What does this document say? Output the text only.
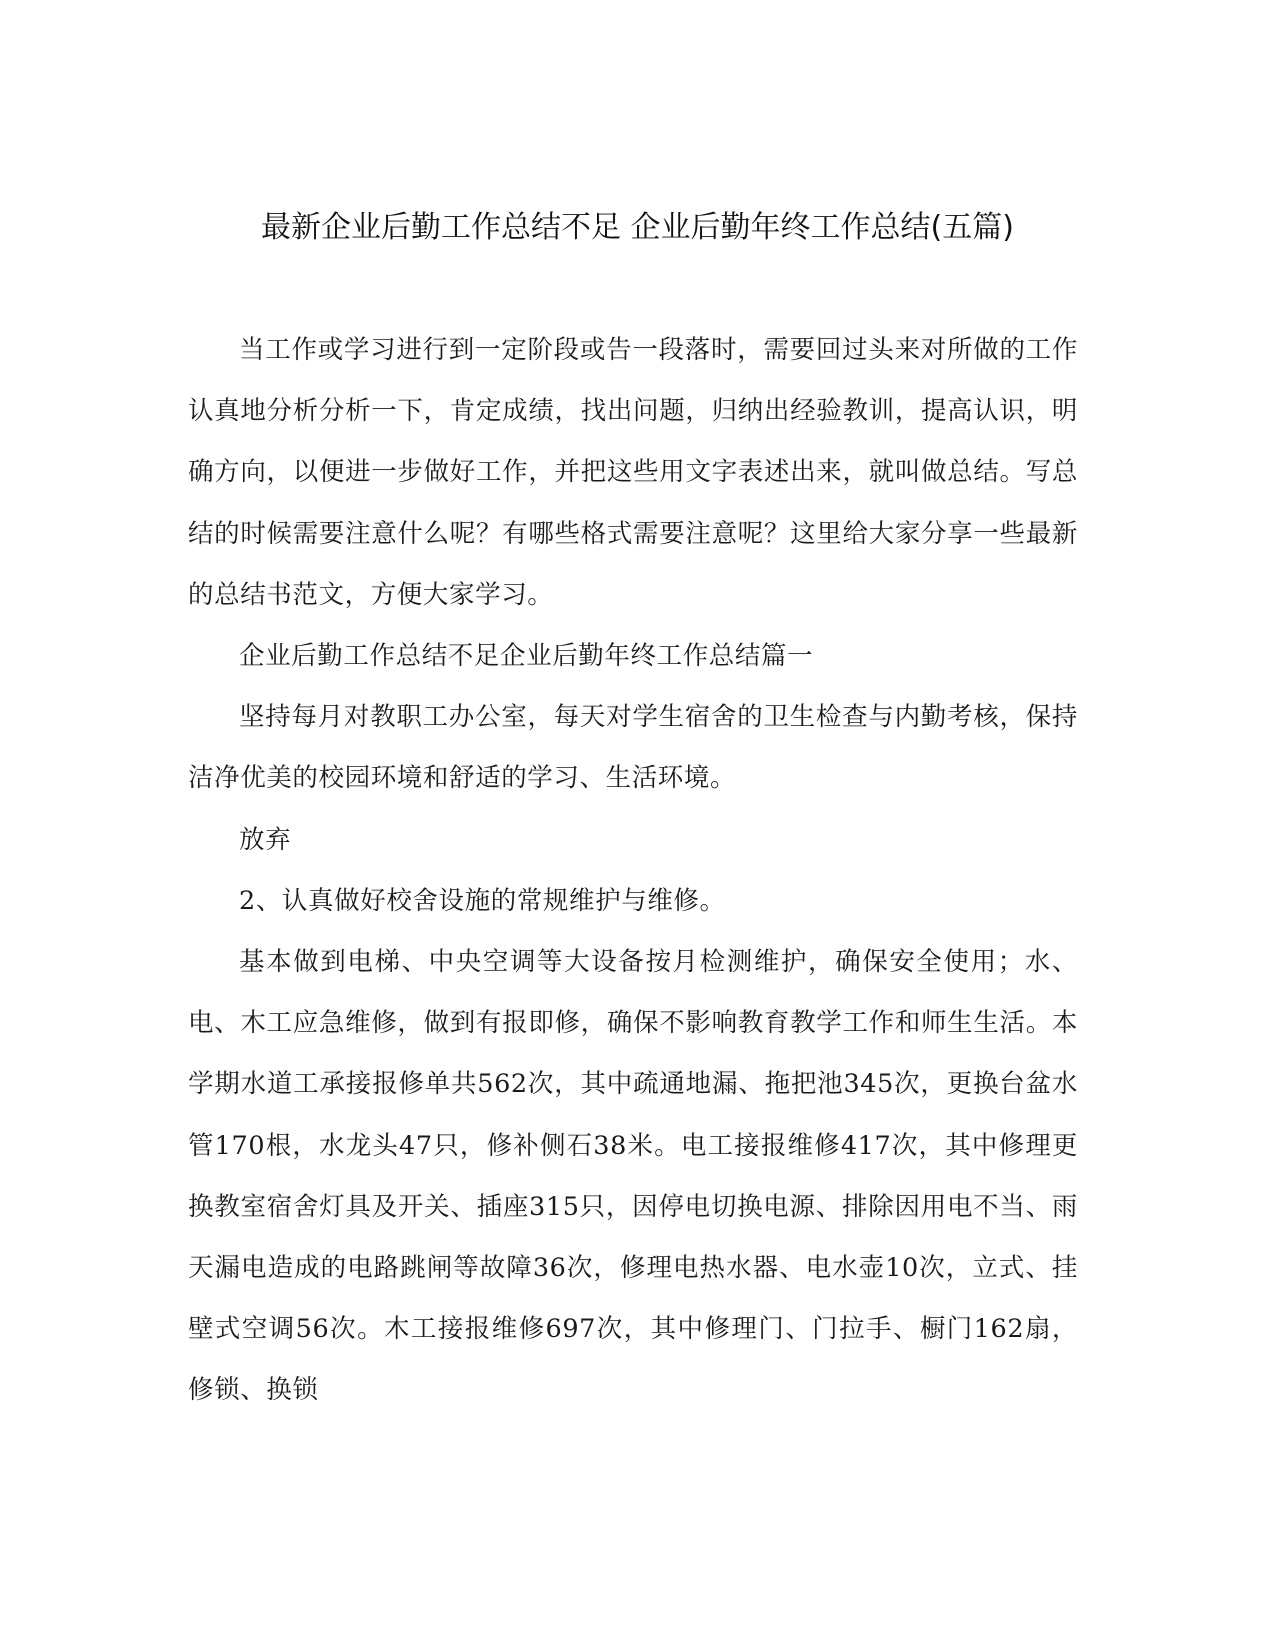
最新企业后勤工作总结不足 企业后勤年终工作总结(五篇)

当工作或学习进行到一定阶段或告一段落时，需要回过头来对所做的工作认真地分析分析一下，肯定成绩，找出问题，归纳出经验教训，提高认识，明确方向，以便进一步做好工作，并把这些用文字表述出来，就叫做总结。写总结的时候需要注意什么呢？有哪些格式需要注意呢？这里给大家分享一些最新的总结书范文，方便大家学习。

企业后勤工作总结不足企业后勤年终工作总结篇一

坚持每月对教职工办公室，每天对学生宿舍的卫生检查与内勤考核，保持洁净优美的校园环境和舒适的学习、生活环境。

放弃

2、认真做好校舍设施的常规维护与维修。

基本做到电梯、中央空调等大设备按月检测维护，确保安全使用；水、电、木工应急维修，做到有报即修，确保不影响教育教学工作和师生生活。本学期水道工承接报修单共562次，其中疏通地漏、拖把池345次，更换台盆水管170根，水龙头47只，修补侧石38米。电工接报维修417次，其中修理更换教室宿舍灯具及开关、插座315只，因停电切换电源、排除因用电不当、雨天漏电造成的电路跳闸等故障36次，修理电热水器、电水壶10次，立式、挂壁式空调56次。木工接报维修697次，其中修理门、门拉手、橱门162扇，修锁、换锁
